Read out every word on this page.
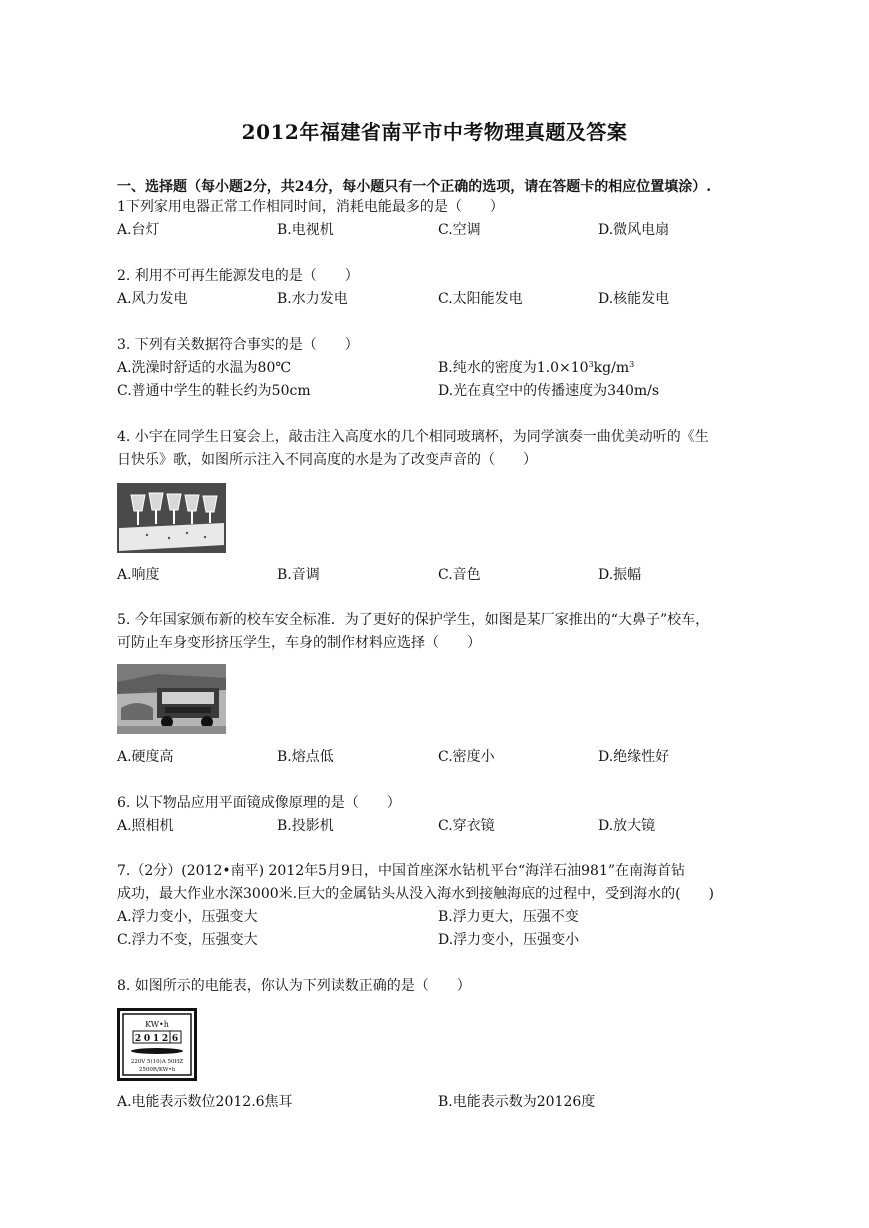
2012年福建省南平市中考物理真题及答案
一、选择题（每小题2分，共24分，每小题只有一个正确的选项，请在答题卡的相应位置填涂）.
1下列家用电器正常工作相同时间，消耗电能最多的是（　　）
A.台灯	B.电视机	C.空调	D.微风电扇
2. 利用不可再生能源发电的是（　　）
A.风力发电	B.水力发电	C.太阳能发电	D.核能发电
3. 下列有关数据符合事实的是（　　）
A.洗澡时舒适的水温为80℃	B.纯水的密度为$1.0\times 10^3kg/m^3$
C.普通中学生的鞋长约为50cm	D.光在真空中的传播速度为340m/s
4. 小宇在同学生日宴会上，敲击注入高度水的几个相同玻璃杯，为同学演奏一曲优美动听的《生
日快乐》歌，如图所示注入不同高度的水是为了改变声音的（　　）
A.响度	B.音调	C.音色	D.振幅
5. 今年国家颁布新的校车安全标准．为了更好的保护学生，如图是某厂家推出的“大鼻子”校车，
可防止车身变形挤压学生，车身的制作材料应选择（　　）
A.硬度高	B.熔点低	C.密度小	D.绝缘性好
6. 以下物品应用平面镜成像原理的是（　　）
A.照相机	B.投影机	C.穿衣镜	D.放大镜
7.（2分）(2012•南平) 2012年5月9日，中国首座深水钻机平台“海洋石油981”在南海首钻
成功，最大作业水深3000米.巨大的金属钻头从没入海水到接触海底的过程中，受到海水的(　　)
A.浮力变小，压强变大	B.浮力更大，压强不变
C.浮力不变，压强变大	D.浮力变小，压强变小
8. 如图所示的电能表，你认为下列读数正确的是（　　）
KW•h
2 0 1 2 6
220V 5(10)A 50HZ
2500R/KW•h
A.电能表示数位2012.6焦耳	B.电能表示数为20126度
